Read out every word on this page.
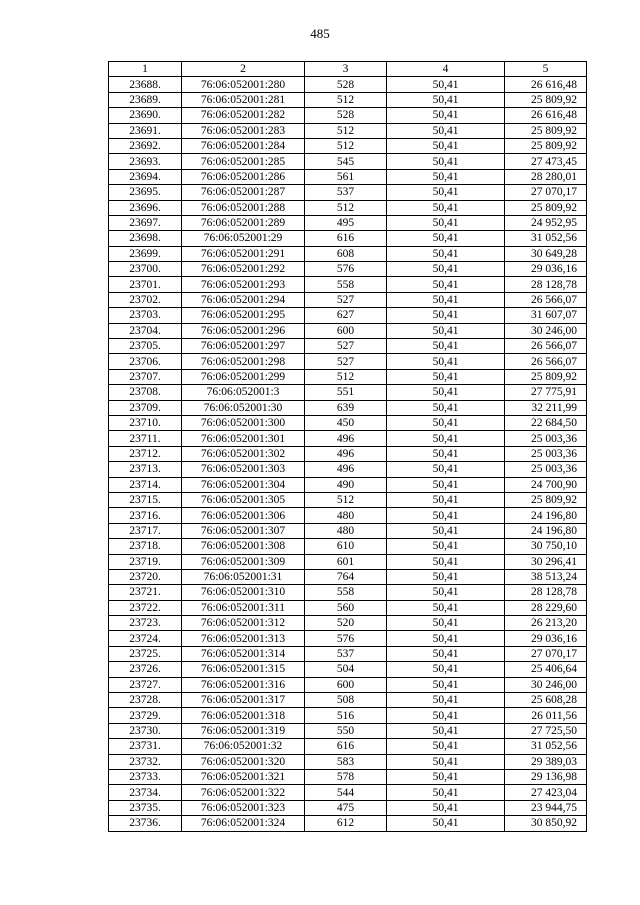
485
1	2	3	4	5
23688.	76:06:052001:280	528	50,41	26 616,48
23689.	76:06:052001:281	512	50,41	25 809,92
23690.	76:06:052001:282	528	50,41	26 616,48
23691.	76:06:052001:283	512	50,41	25 809,92
23692.	76:06:052001:284	512	50,41	25 809,92
23693.	76:06:052001:285	545	50,41	27 473,45
23694.	76:06:052001:286	561	50,41	28 280,01
23695.	76:06:052001:287	537	50,41	27 070,17
23696.	76:06:052001:288	512	50,41	25 809,92
23697.	76:06:052001:289	495	50,41	24 952,95
23698.	76:06:052001:29	616	50,41	31 052,56
23699.	76:06:052001:291	608	50,41	30 649,28
23700.	76:06:052001:292	576	50,41	29 036,16
23701.	76:06:052001:293	558	50,41	28 128,78
23702.	76:06:052001:294	527	50,41	26 566,07
23703.	76:06:052001:295	627	50,41	31 607,07
23704.	76:06:052001:296	600	50,41	30 246,00
23705.	76:06:052001:297	527	50,41	26 566,07
23706.	76:06:052001:298	527	50,41	26 566,07
23707.	76:06:052001:299	512	50,41	25 809,92
23708.	76:06:052001:3	551	50,41	27 775,91
23709.	76:06:052001:30	639	50,41	32 211,99
23710.	76:06:052001:300	450	50,41	22 684,50
23711.	76:06:052001:301	496	50,41	25 003,36
23712.	76:06:052001:302	496	50,41	25 003,36
23713.	76:06:052001:303	496	50,41	25 003,36
23714.	76:06:052001:304	490	50,41	24 700,90
23715.	76:06:052001:305	512	50,41	25 809,92
23716.	76:06:052001:306	480	50,41	24 196,80
23717.	76:06:052001:307	480	50,41	24 196,80
23718.	76:06:052001:308	610	50,41	30 750,10
23719.	76:06:052001:309	601	50,41	30 296,41
23720.	76:06:052001:31	764	50,41	38 513,24
23721.	76:06:052001:310	558	50,41	28 128,78
23722.	76:06:052001:311	560	50,41	28 229,60
23723.	76:06:052001:312	520	50,41	26 213,20
23724.	76:06:052001:313	576	50,41	29 036,16
23725.	76:06:052001:314	537	50,41	27 070,17
23726.	76:06:052001:315	504	50,41	25 406,64
23727.	76:06:052001:316	600	50,41	30 246,00
23728.	76:06:052001:317	508	50,41	25 608,28
23729.	76:06:052001:318	516	50,41	26 011,56
23730.	76:06:052001:319	550	50,41	27 725,50
23731.	76:06:052001:32	616	50,41	31 052,56
23732.	76:06:052001:320	583	50,41	29 389,03
23733.	76:06:052001:321	578	50,41	29 136,98
23734.	76:06:052001:322	544	50,41	27 423,04
23735.	76:06:052001:323	475	50,41	23 944,75
23736.	76:06:052001:324	612	50,41	30 850,92
